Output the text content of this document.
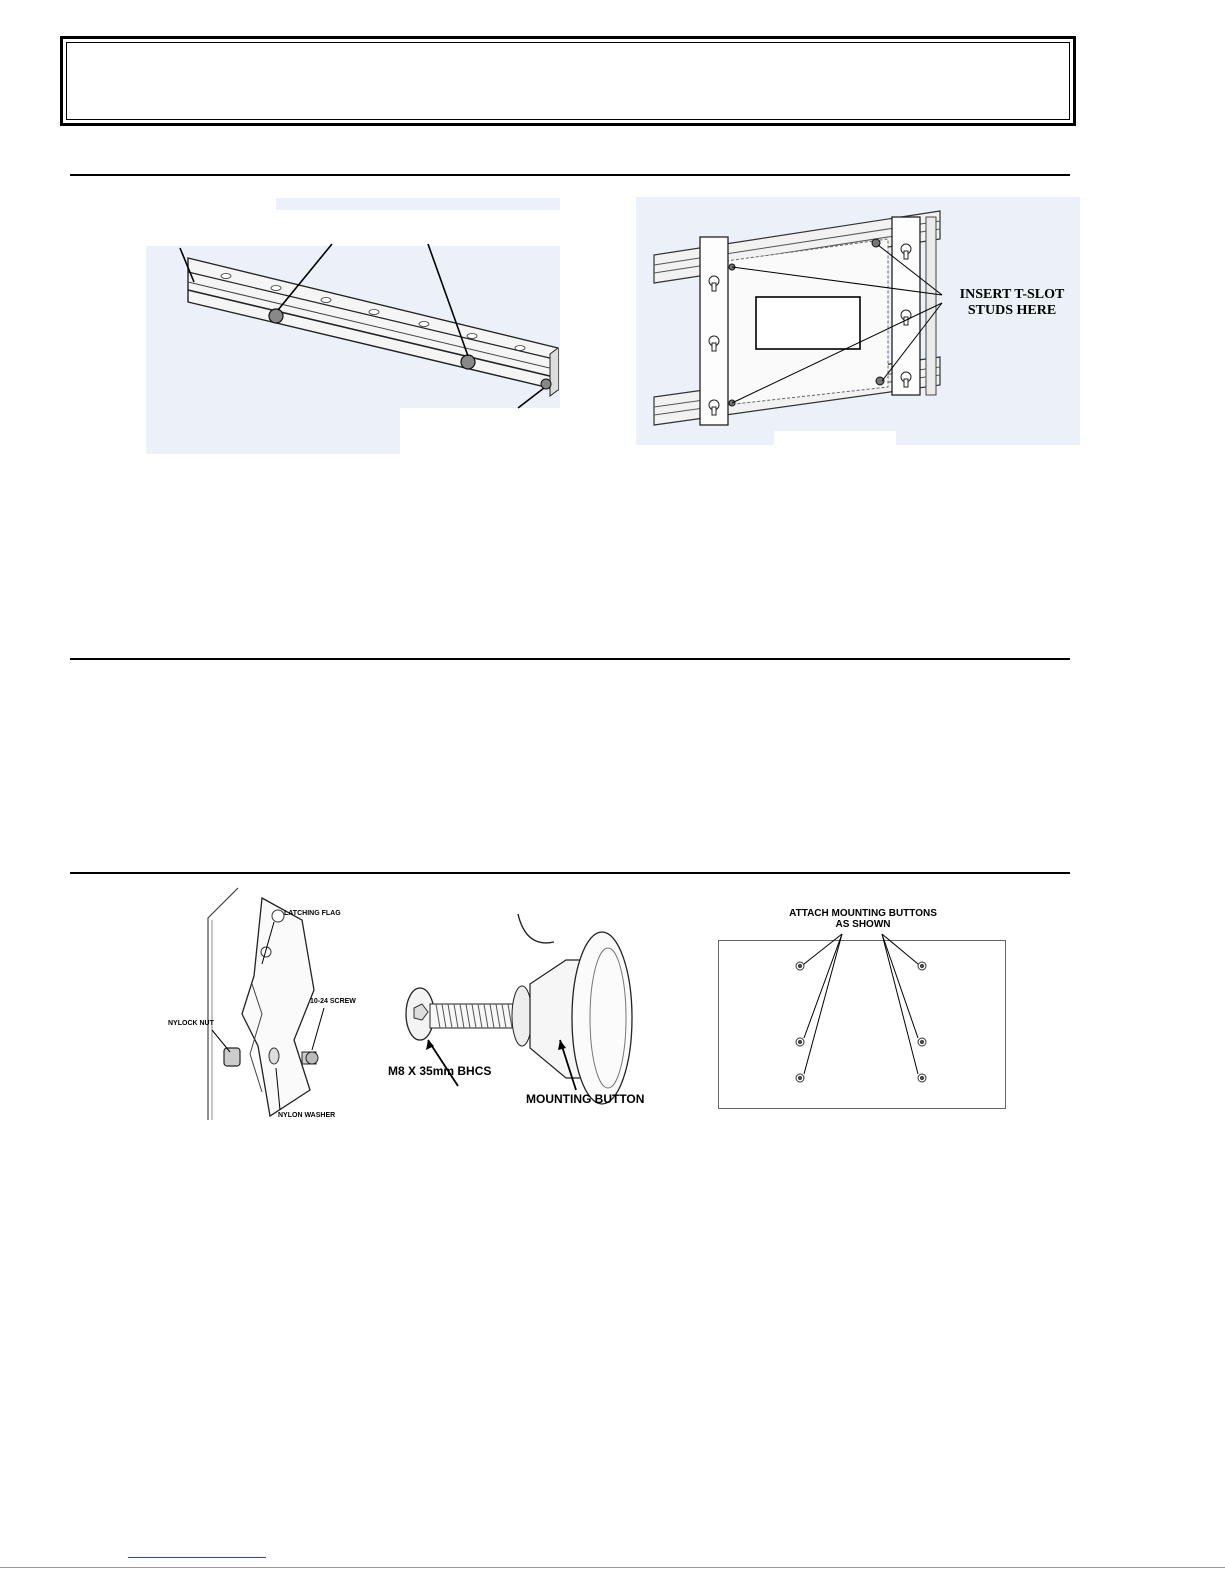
INSERT T-SLOT
STUDS HERE
LATCHING FLAG
NYLOCK NUT
10-24 SCREW
NYLON WASHER
M8 X 35mm BHCS
MOUNTING BUTTON
ATTACH MOUNTING BUTTONS
AS SHOWN
